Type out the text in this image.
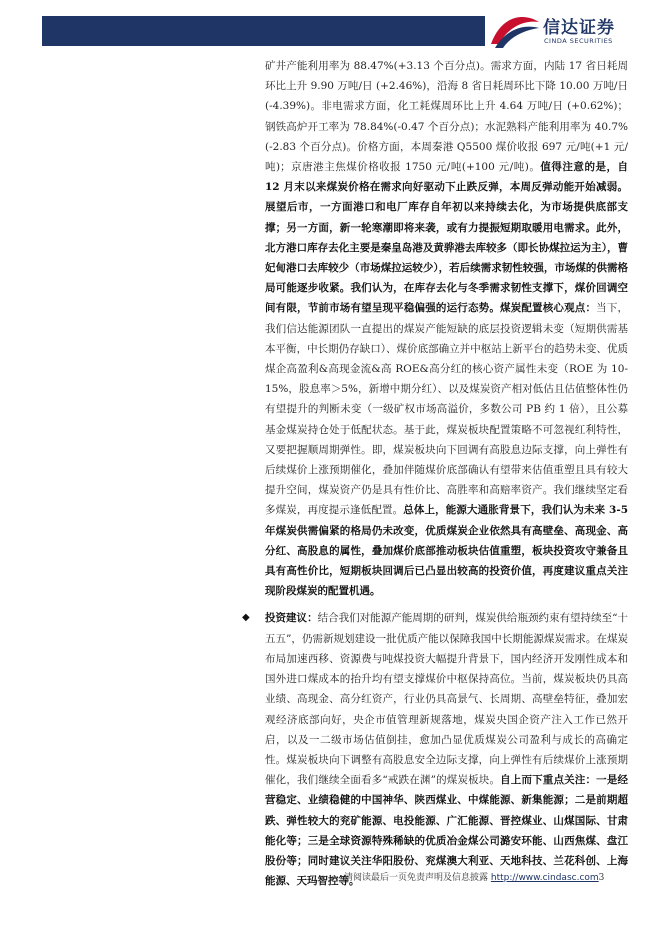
信达证券
CINDA SECURITIES

矿井产能利用率为 88.47%(+3.13 个百分点)。需求方面，内陆 17 省日耗周环比上升 9.90 万吨/日 (+2.46%)，沿海 8 省日耗周环比下降 10.00 万吨/日 (-4.39%)。非电需求方面，化工耗煤周环比上升 4.64 万吨/日 (+0.62%)；钢铁高炉开工率为 78.84%(-0.47 个百分点)；水泥熟料产能利用率为 40.7%(-2.83 个百分点)。价格方面，本周秦港 Q5500 煤价收报 697 元/吨(+1 元/吨)；京唐港主焦煤价格收报 1750 元/吨(+100 元/吨)。值得注意的是，自 12 月末以来煤炭价格在需求向好驱动下止跌反弹，本周反弹动能开始减弱。展望后市，一方面港口和电厂库存自年初以来持续去化，为市场提供底部支撑；另一方面，新一轮寒潮即将来袭，或有力提振短期取暖用电需求。此外，北方港口库存去化主要是秦皇岛港及黄骅港去库较多（即长协煤拉运为主），曹妃甸港口去库较少（市场煤拉运较少），若后续需求韧性较强，市场煤的供需格局可能逐步收紧。我们认为，在库存去化与冬季需求韧性支撑下，煤价回调空间有限，节前市场有望呈现平稳偏强的运行态势。煤炭配置核心观点：当下，我们信达能源团队一直提出的煤炭产能短缺的底层投资逻辑未变（短期供需基本平衡，中长期仍存缺口）、煤价底部确立并中枢站上新平台的趋势未变、优质煤企高盈利&高现金流&高 ROE&高分红的核心资产属性未变（ROE 为 10-15%，股息率＞5%，新增中期分红）、以及煤炭资产相对低估且估值整体性仍有望提升的判断未变（一级矿权市场高溢价，多数公司 PB 约 1 倍），且公募基金煤炭持仓处于低配状态。基于此，煤炭板块配置策略不可忽视红利特性，又要把握顺周期弹性。即，煤炭板块向下回调有高股息边际支撑，向上弹性有后续煤价上涨预期催化，叠加伴随煤价底部确认有望带来估值重塑且具有较大提升空间，煤炭资产仍是具有性价比、高胜率和高赔率资产。我们继续坚定看多煤炭，再度提示逢低配置。总体上，能源大通胀背景下，我们认为未来 3-5 年煤炭供需偏紧的格局仍未改变，优质煤炭企业依然具有高壁垒、高现金、高分红、高股息的属性，叠加煤价底部推动板块估值重塑，板块投资攻守兼备且具有高性价比，短期板块回调后已凸显出较高的投资价值，再度建议重点关注现阶段煤炭的配置机遇。

◆ 投资建议：结合我们对能源产能周期的研判，煤炭供给瓶颈约束有望持续至“十五五”，仍需新规划建设一批优质产能以保障我国中长期能源煤炭需求。在煤炭布局加速西移、资源费与吨煤投资大幅提升背景下，国内经济开发刚性成本和国外进口煤成本的抬升均有望支撑煤价中枢保持高位。当前，煤炭板块仍具高业绩、高现金、高分红资产，行业仍具高景气、长周期、高壁垒特征，叠加宏观经济底部向好，央企市值管理新规落地，煤炭央国企资产注入工作已然开启，以及一二级市场估值倒挂，愈加凸显优质煤炭公司盈利与成长的高确定性。煤炭板块向下调整有高股息安全边际支撑，向上弹性有后续煤价上涨预期催化，我们继续全面看多“戒跌在渊”的煤炭板块。自上而下重点关注：一是经营稳定、业绩稳健的中国神华、陕西煤业、中煤能源、新集能源；二是前期超跌、弹性较大的兖矿能源、电投能源、广汇能源、晋控煤业、山煤国际、甘肃能化等；三是全球资源特殊稀缺的优质冶金煤公司潞安环能、山西焦煤、盘江股份等；同时建议关注华阳股份、兖煤澳大利亚、天地科技、兰花科创、上海能源、天玛智控等。

请阅读最后一页免责声明及信息披露 http://www.cindasc.com3
